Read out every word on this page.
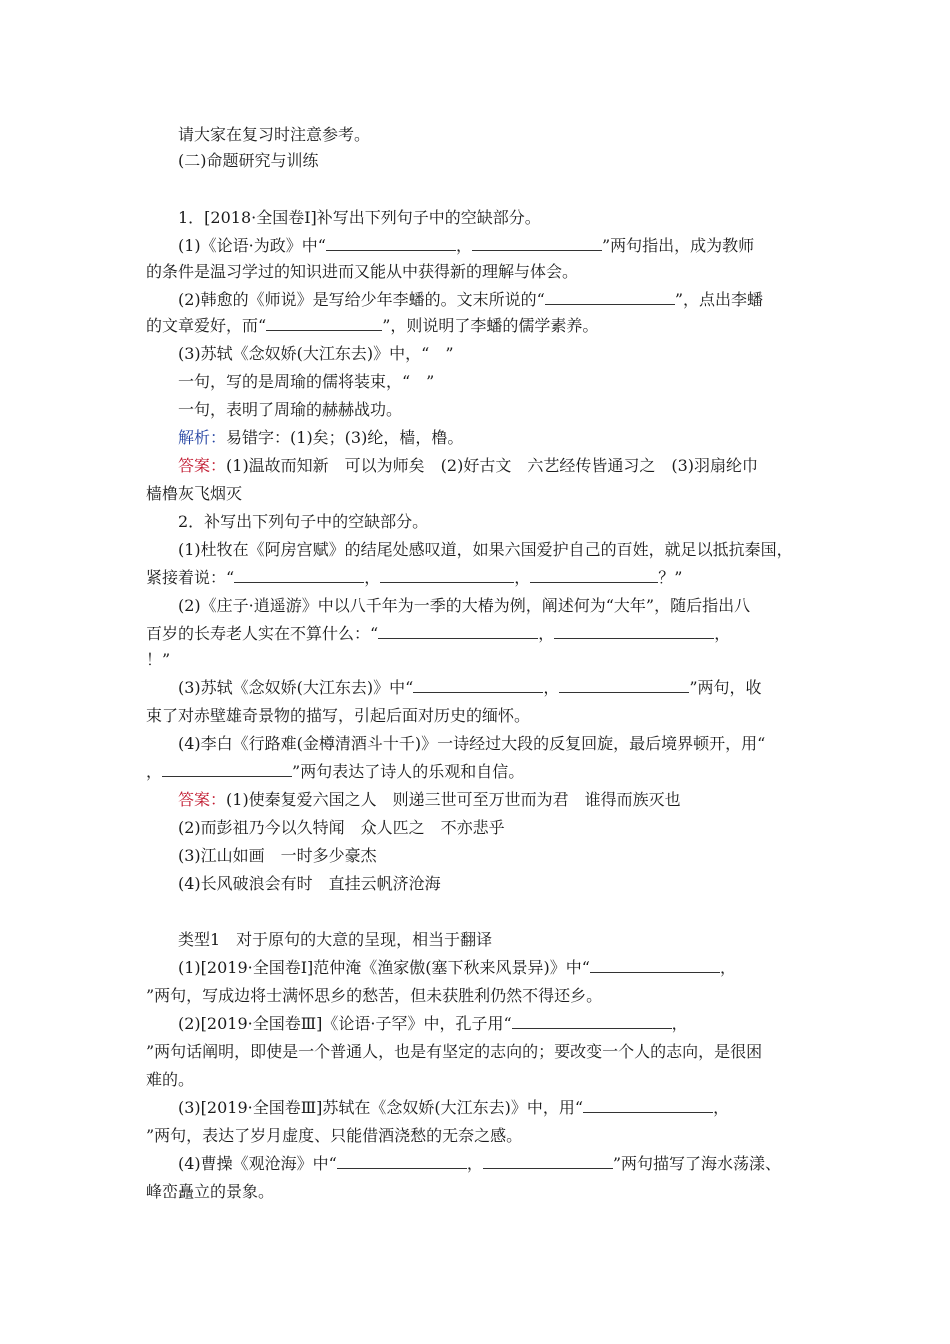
请大家在复习时注意参考。
(二)命题研究与训练
1．[2018·全国卷Ⅰ]补写出下列句子中的空缺部分。
(1)《论语·为政》中“	，	”两句指出，成为教师
的条件是温习学过的知识进而又能从中获得新的理解与体会。
(2)韩愈的《师说》是写给少年李蟠的。文末所说的“	”，点出李蟠
的文章爱好，而“	”，则说明了李蟠的儒学素养。
(3)苏轼《念奴娇(大江东去)》中，“　”
一句，写的是周瑜的儒将装束，“　”
一句，表明了周瑜的赫赫战功。
解析：易错字：(1)矣；(3)纶，樯，橹。
答案：(1)温故而知新　可以为师矣　(2)好古文　六艺经传皆通习之　(3)羽扇纶巾
樯橹灰飞烟灭
2．补写出下列句子中的空缺部分。
(1)杜牧在《阿房宫赋》的结尾处感叹道，如果六国爱护自己的百姓，就足以抵抗秦国，
紧接着说：“	，	，	？”
(2)《庄子·逍遥游》中以八千年为一季的大椿为例，阐述何为“大年”，随后指出八
百岁的长寿老人实在不算什么：“	，	，
！”
(3)苏轼《念奴娇(大江东去)》中“	，	”两句，收
束了对赤壁雄奇景物的描写，引起后面对历史的缅怀。
(4)李白《行路难(金樽清酒斗十千)》一诗经过大段的反复回旋，最后境界顿开，用“
，	”两句表达了诗人的乐观和自信。
答案：(1)使秦复爱六国之人　则递三世可至万世而为君　谁得而族灭也
(2)而彭祖乃今以久特闻　众人匹之　不亦悲乎
(3)江山如画　一时多少豪杰
(4)长风破浪会有时　直挂云帆济沧海
类型1　对于原句的大意的呈现，相当于翻译
(1)[2019·全国卷Ⅰ]范仲淹《渔家傲(塞下秋来风景异)》中“	，
”两句，写成边将士满怀思乡的愁苦，但未获胜利仍然不得还乡。
(2)[2019·全国卷Ⅲ]《论语·子罕》中，孔子用“	，
”两句话阐明，即使是一个普通人，也是有坚定的志向的；要改变一个人的志向，是很困
难的。
(3)[2019·全国卷Ⅲ]苏轼在《念奴娇(大江东去)》中，用“	，
”两句，表达了岁月虚度、只能借酒浇愁的无奈之感。
(4)曹操《观沧海》中“	，	”两句描写了海水荡漾、
峰峦矗立的景象。
